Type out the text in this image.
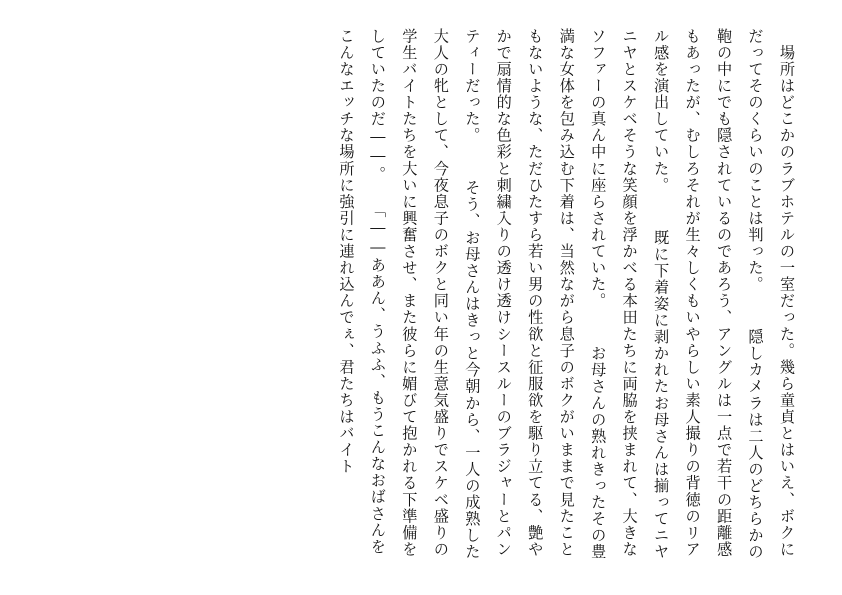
　場所はどこかのラブホテルの一室だった。幾ら童貞とはいえ、ボクにだってそのくらいのことは判った。 　隠しカメラは二人のどちらかの鞄の中にでも隠されているのであろう、アングルは一点で若干の距離感もあったが、むしろそれが生々しくもいやらしい素人撮りの背徳のリアル感を演出していた。 　既に下着姿に剥かれたお母さんは揃ってニヤニヤとスケベそうな笑顔を浮かべる本田たちに両脇を挟まれて、大きなソファーの真ん中に座らされていた。 　お母さんの熟れきったその豊満な女体を包み込む下着は、当然ながら息子のボクがいままで見たこともないような、ただひたすら若い男の性欲と征服欲を駆り立てる、艶やかで扇情的な色彩と刺繍入りの透け透けシースルーのブラジャーとパンティーだった。 　そう、お母さんはきっと今朝から、一人の成熟した大人の牝として、今夜息子のボクと同い年の生意気盛りでスケベ盛りの学生バイトたちを大いに興奮させ、また彼らに媚びて抱かれる下準備をしていたのだ――。 「――ああん、うふふ、もうこんなおばさんをこんなエッチな場所に強引に連れ込んでぇ、君たちはバイト
